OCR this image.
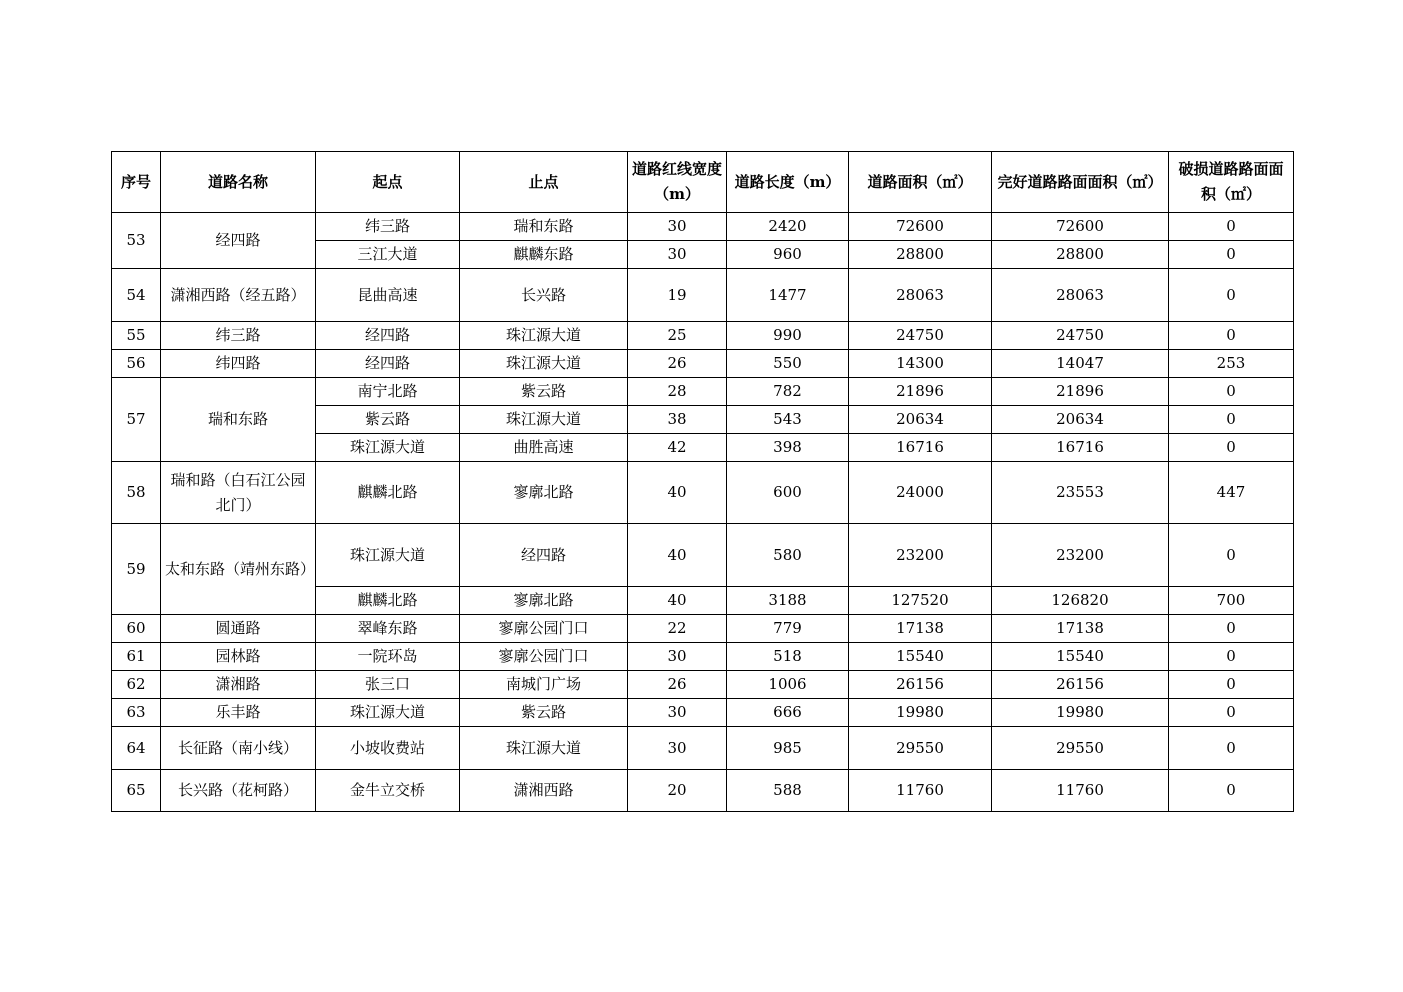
序号	道路名称	起点	止点	道路红线宽度（m）	道路长度（m）	道路面积（㎡）	完好道路路面面积（㎡）	破损道路路面面积（㎡）
53	经四路	纬三路	瑞和东路	30	2420	72600	72600	0
		三江大道	麒麟东路	30	960	28800	28800	0
54	潇湘西路（经五路）	昆曲高速	长兴路	19	1477	28063	28063	0
55	纬三路	经四路	珠江源大道	25	990	24750	24750	0
56	纬四路	经四路	珠江源大道	26	550	14300	14047	253
57	瑞和东路	南宁北路	紫云路	28	782	21896	21896	0
		紫云路	珠江源大道	38	543	20634	20634	0
		珠江源大道	曲胜高速	42	398	16716	16716	0
58	瑞和路（白石江公园北门）	麒麟北路	寥廓北路	40	600	24000	23553	447
59	太和东路（靖州东路）	珠江源大道	经四路	40	580	23200	23200	0
		麒麟北路	寥廓北路	40	3188	127520	126820	700
60	圆通路	翠峰东路	寥廓公园门口	22	779	17138	17138	0
61	园林路	一院环岛	寥廓公园门口	30	518	15540	15540	0
62	潇湘路	张三口	南城门广场	26	1006	26156	26156	0
63	乐丰路	珠江源大道	紫云路	30	666	19980	19980	0
64	长征路（南小线）	小坡收费站	珠江源大道	30	985	29550	29550	0
65	长兴路（花柯路）	金牛立交桥	潇湘西路	20	588	11760	11760	0
